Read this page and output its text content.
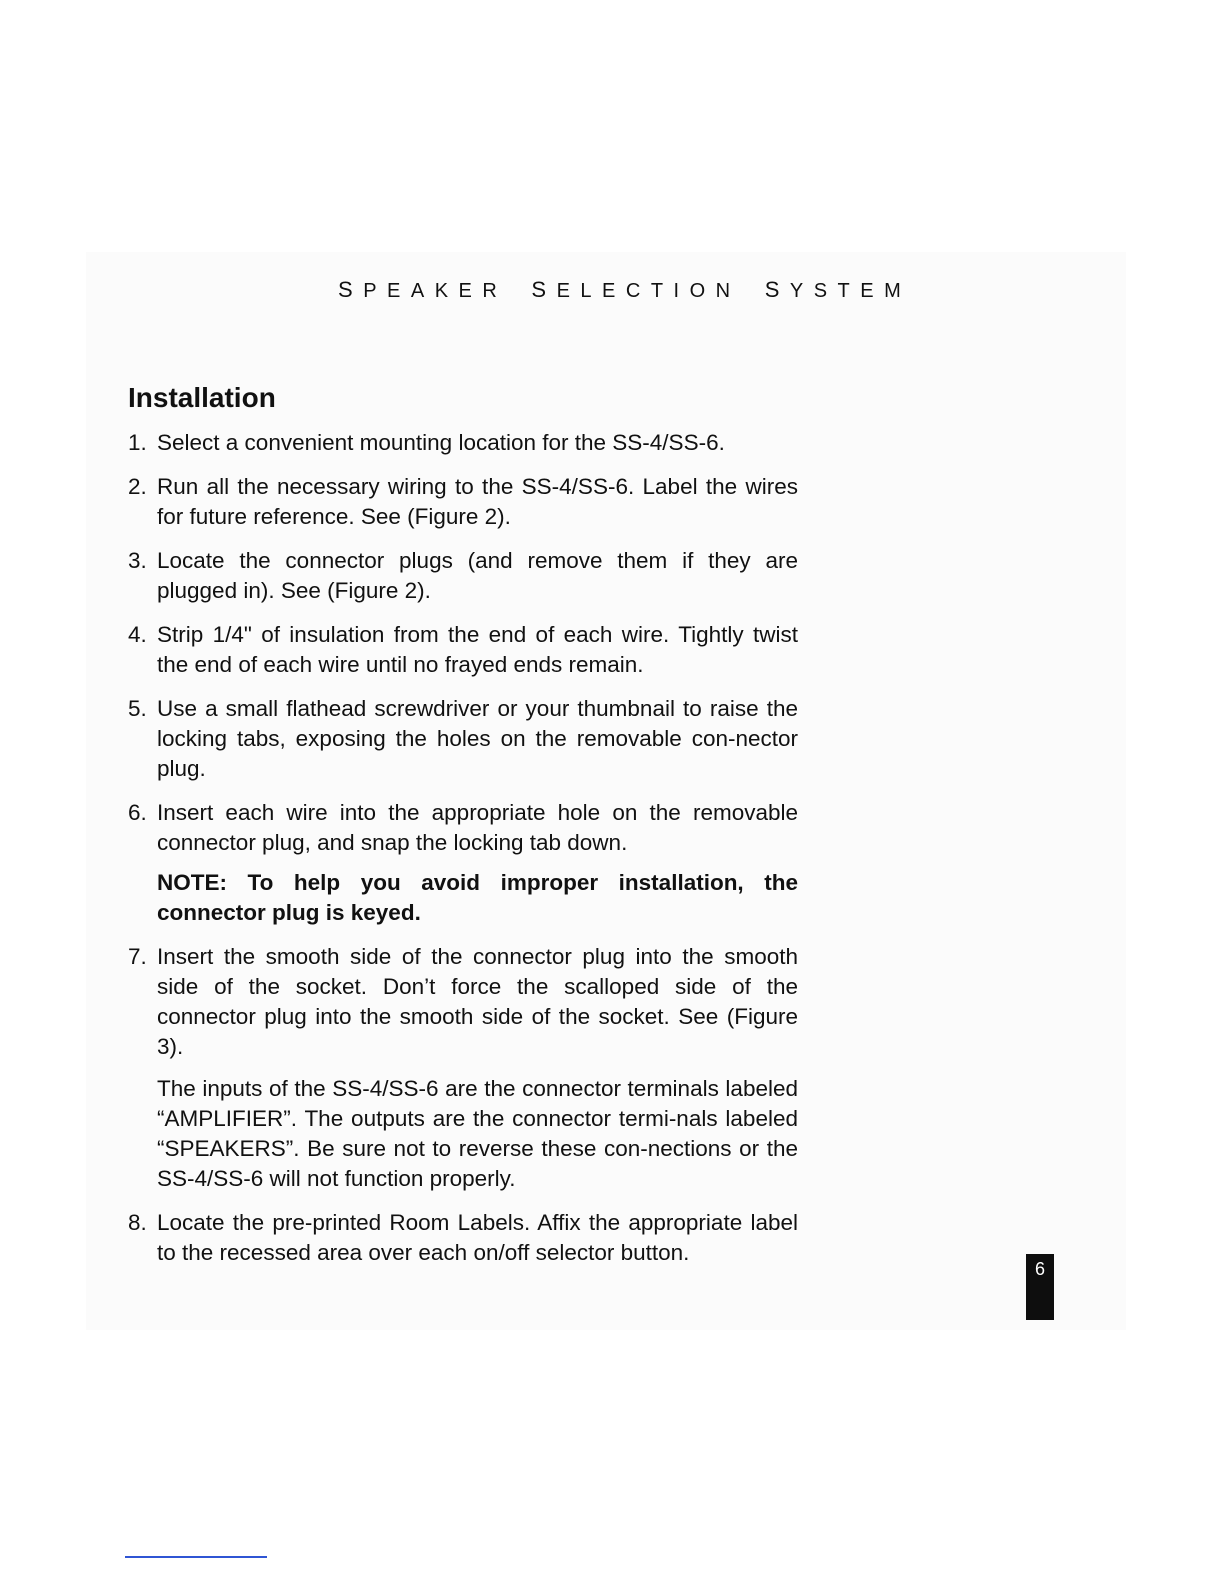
SPEAKER SELECTION SYSTEM
Installation
1. Select a convenient mounting location for the SS-4/SS-6.
2. Run all the necessary wiring to the SS-4/SS-6. Label the wires for future reference. See (Figure 2).
3. Locate the connector plugs (and remove them if they are plugged in). See (Figure 2).
4. Strip 1/4" of insulation from the end of each wire. Tightly twist the end of each wire until no frayed ends remain.
5. Use a small flathead screwdriver or your thumbnail to raise the locking tabs, exposing the holes on the removable con-nector plug.
6. Insert each wire into the appropriate hole on the removable connector plug, and snap the locking tab down.
NOTE: To help you avoid improper installation, the connector plug is keyed.
7. Insert the smooth side of the connector plug into the smooth side of the socket. Don’t force the scalloped side of the connector plug into the smooth side of the socket. See (Figure 3).
The inputs of the SS-4/SS-6 are the connector terminals labeled “AMPLIFIER”. The outputs are the connector termi-nals labeled “SPEAKERS”. Be sure not to reverse these con-nections or the SS-4/SS-6 will not function properly.
8. Locate the pre-printed Room Labels. Affix the appropriate label to the recessed area over each on/off selector button.
6
